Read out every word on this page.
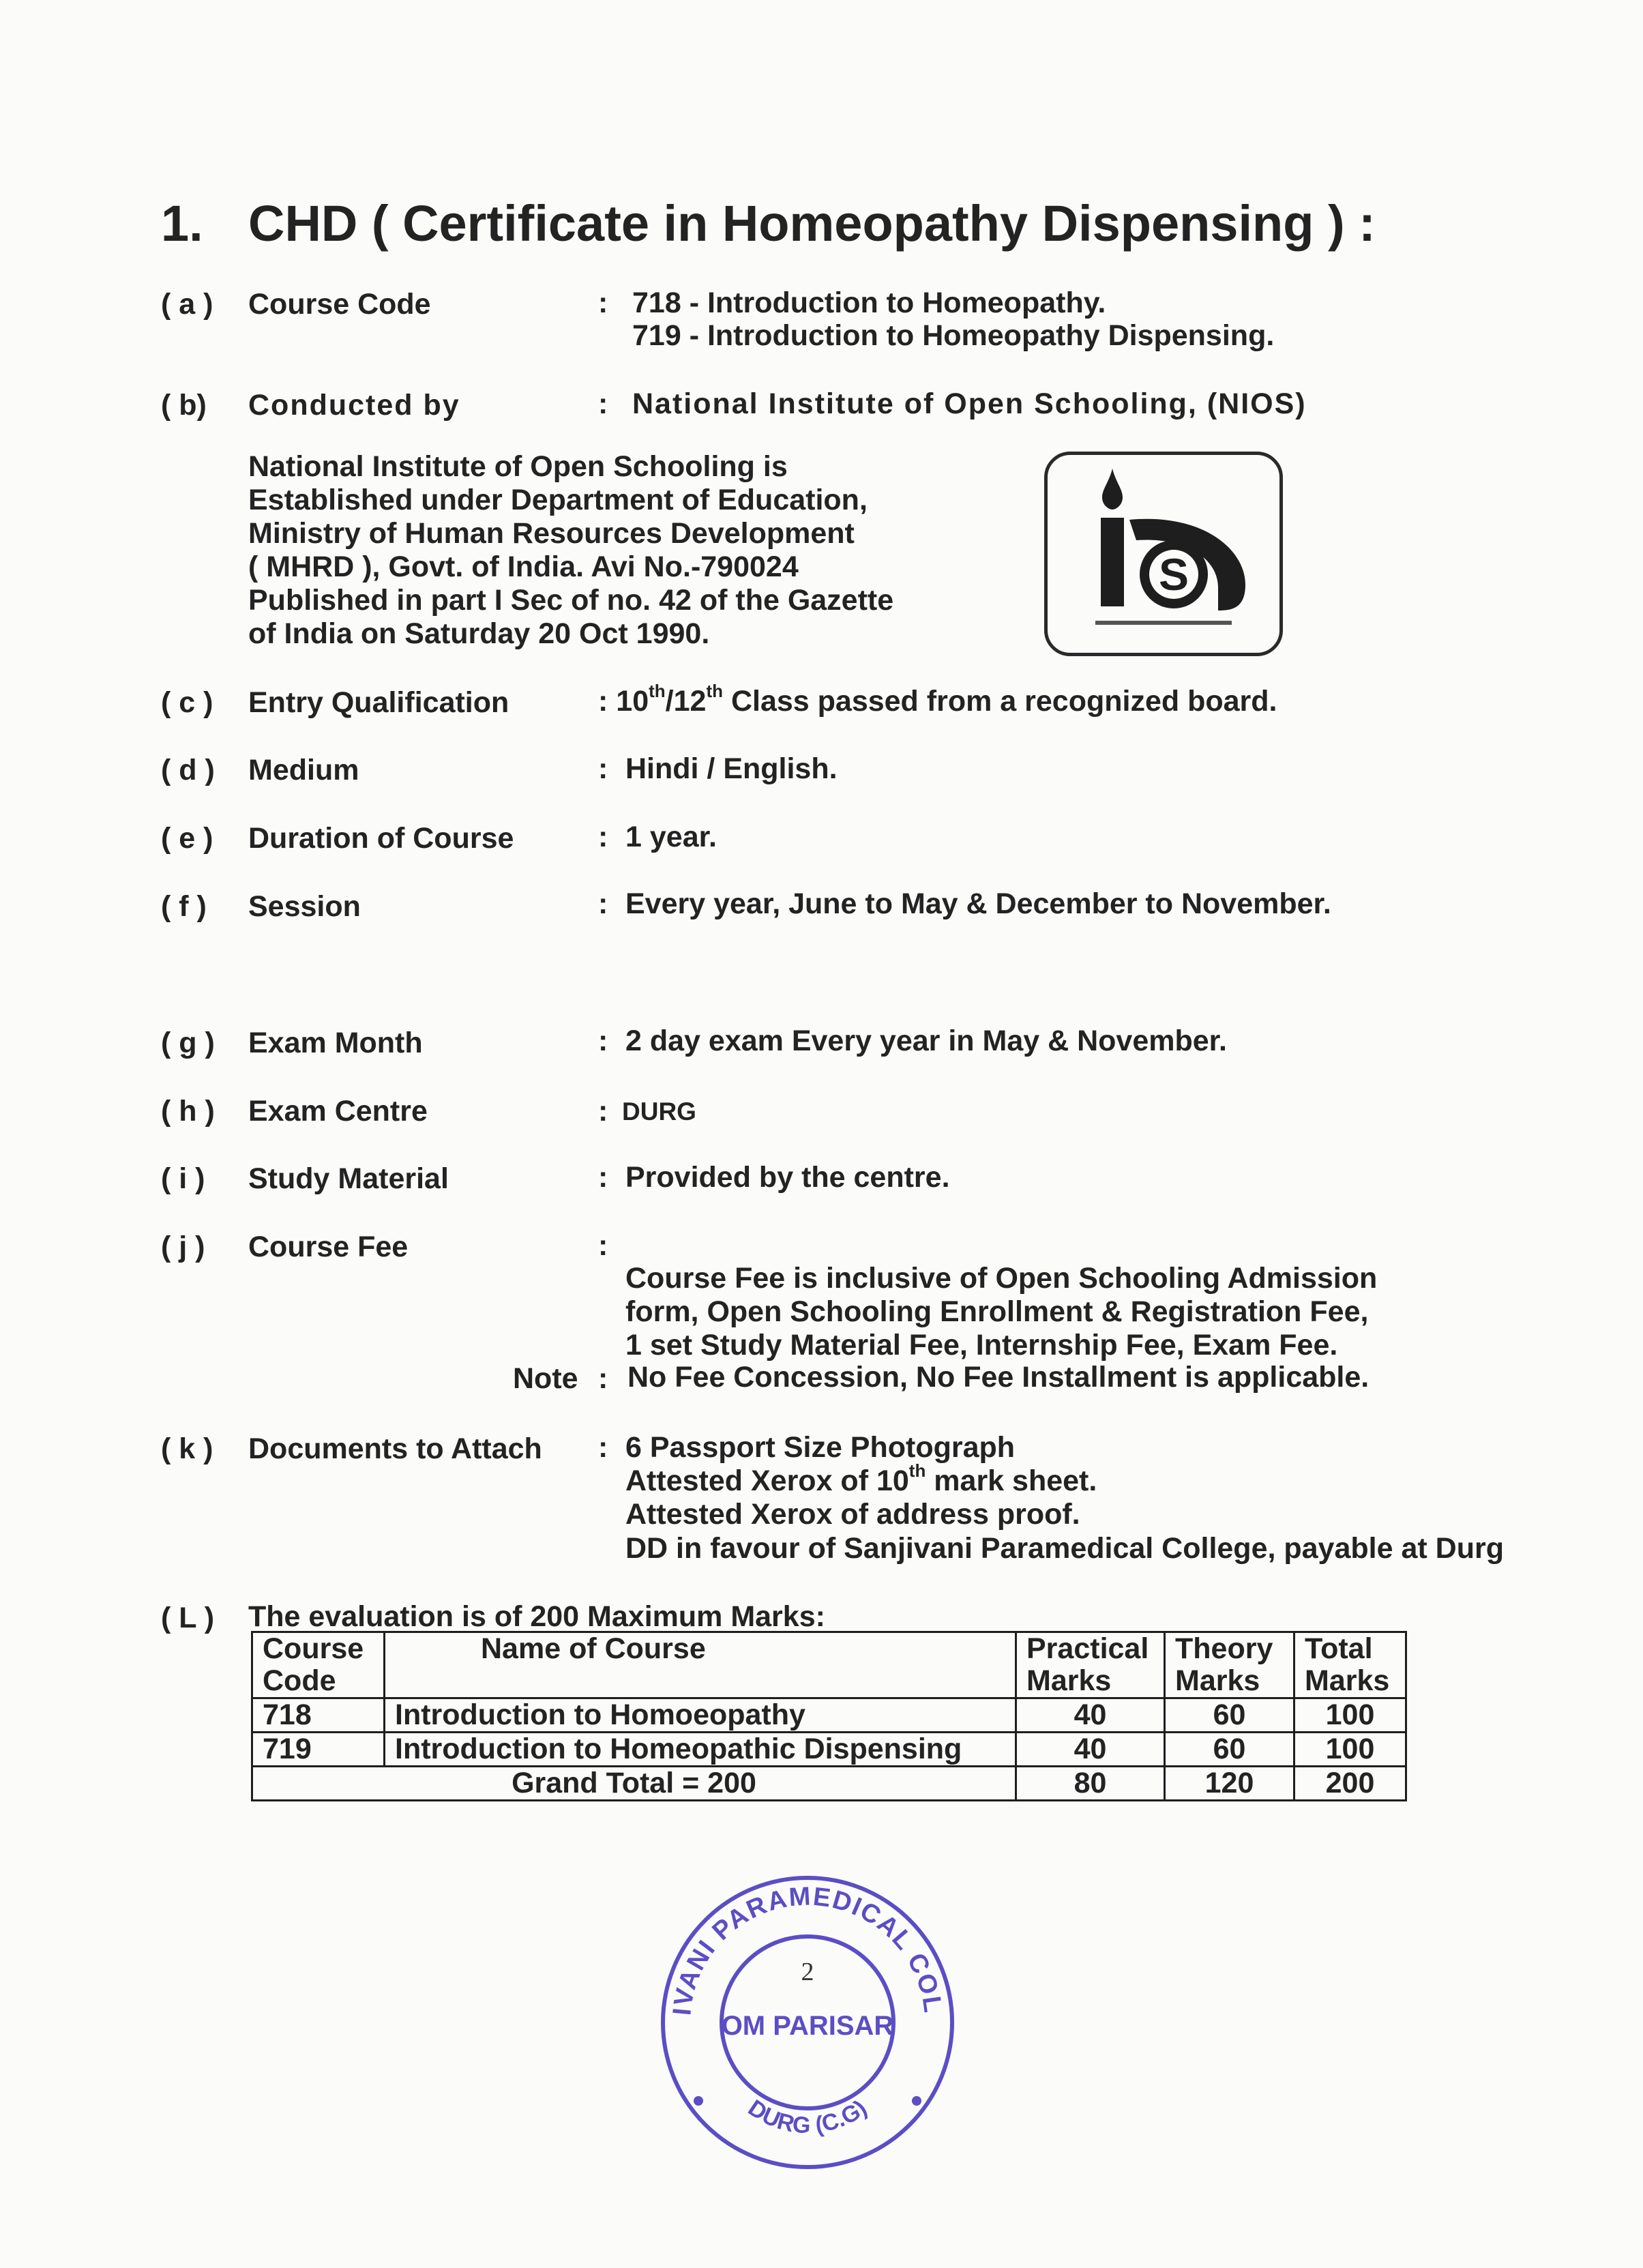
1. CHD ( Certificate in Homeopathy Dispensing ) :
( a ) Course Code	: 718 - Introduction to Homeopathy.
719 - Introduction to Homeopathy Dispensing.
( b) Conducted by	: National Institute of Open Schooling, (NIOS)
National Institute of Open Schooling is
Established under Department of Education,
Ministry of Human Resources Development
( MHRD ), Govt. of India. Avi No.-790024
Published in part I Sec of no. 42 of the Gazette
of India on Saturday 20 Oct 1990.
S
( c ) Entry Qualification	: 10th/12th Class passed from a recognized board.
( d ) Medium	: Hindi / English.
( e ) Duration of Course	: 1 year.
( f ) Session	: Every year, June to May & December to November.
( g ) Exam Month	: 2 day exam Every year in May & November.
( h ) Exam Centre	: DURG
( i ) Study Material	: Provided by the centre.
( j ) Course Fee	:
Course Fee is inclusive of Open Schooling Admission
form, Open Schooling Enrollment & Registration Fee,
1 set Study Material Fee, Internship Fee, Exam Fee.
Note : No Fee Concession, No Fee Installment is applicable.
( k ) Documents to Attach : 6 Passport Size Photograph
Attested Xerox of 10th mark sheet.
Attested Xerox of address proof.
DD in favour of Sanjivani Paramedical College, payable at Durg
( L ) The evaluation is of 200 Maximum Marks:
Course Code	Name of Course	Practical Marks	Theory Marks	Total Marks
718	Introduction to Homoeopathy	40	60	100
719	Introduction to Homeopathic Dispensing	40	60	100
Grand Total = 200		80	120	200
IVANI PARAMEDICAL COL
DURG (C.G)
2
OM PARISAR
